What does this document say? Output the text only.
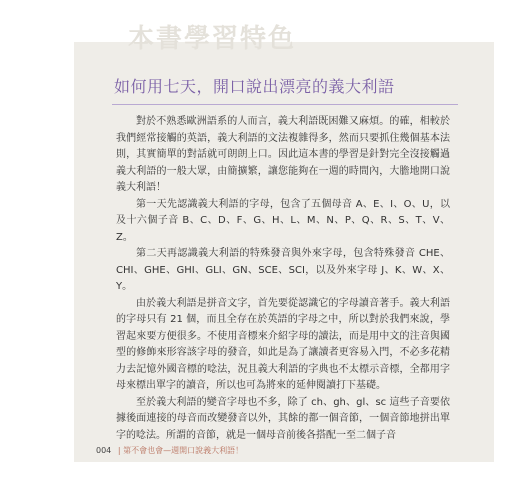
本書學習特色
如何用七天，開口說出漂亮的義大利語

對於不熟悉歐洲語系的人而言，義大利語既困難又麻煩。的確，相較於我們經常接觸的英語，義大利語的文法複雜得多，然而只要抓住幾個基本法則，其實簡單的對話就可朗朗上口。因此這本書的學習是針對完全沒接觸過義大利語的一般大眾，由簡擴繁，讓您能夠在一週的時間內，大膽地開口說義大利語！

第一天先認識義大利語的字母，包含了五個母音 A、E、I、O、U，以及十六個子音 B、C、D、F、G、H、L、M、N、P、Q、R、S、T、V、Z。

第二天再認識義大利語的特殊發音與外來字母，包含特殊發音 CHE、CHI、GHE、GHI、GLI、GN、SCE、SCI，以及外來字母 J、K、W、X、Y。

由於義大利語是拼音文字，首先要從認識它的字母讀音著手。義大利語的字母只有 21 個，而且全存在於英語的字母之中，所以對於我們來說，學習起來要方便很多。不使用音標來介紹字母的讀法，而是用中文的注音與國型的修飾來形容該字母的發音，如此是為了讓讀者更容易入門，不必多花精力去記憶外國音標的唸法，況且義大利語的字典也不太標示音標，全都用字母來標出單字的讀音，所以也可為將來的延伸閱讀打下基礎。

至於義大利語的變音字母也不多，除了 ch、gh、gl、sc 這些子音要依據後面連接的母音而改變發音以外，其餘的都一個音節，一個音節地拼出單字的唸法。所謂的音節，就是一個母音前後各搭配一至二個子音

004 | 第不會也會—週開口說義大利語！
